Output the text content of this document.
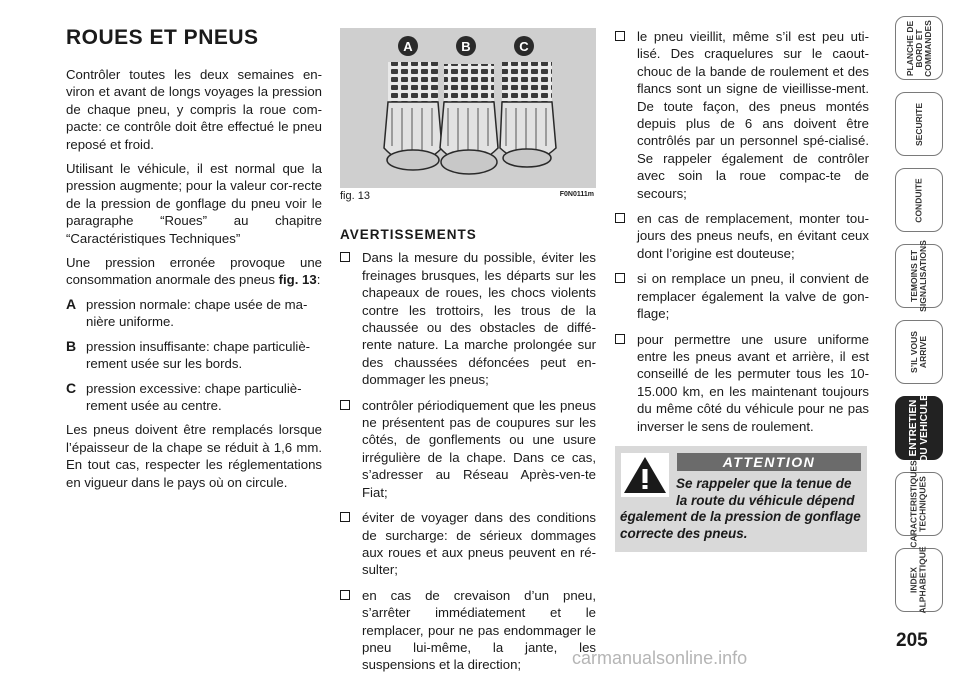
ROUES ET PNEUS

Contrôler toutes les deux semaines en-viron et avant de longs voyages la pression de chaque pneu, y compris la roue com-pacte: ce contrôle doit être effectué le pneu reposé et froid.

Utilisant le véhicule, il est normal que la pression augmente; pour la valeur cor-recte de la pression de gonflage du pneu voir le paragraphe “Roues” au chapitre “Caractéristiques Techniques”

Une pression erronée provoque une consommation anormale des pneus fig. 13:

A pression normale: chape usée de ma-nière uniforme.
B pression insuffisante: chape particuliè-rement usée sur les bords.
C pression excessive: chape particuliè-rement usée au centre.

Les pneus doivent être remplacés lorsque l’épaisseur de la chape se réduit à 1,6 mm. En tout cas, respecter les réglementations en vigueur dans le pays où on circule.

A	B	C
fig. 13	F0N0111m
AVERTISSEMENTS
Dans la mesure du possible, éviter les freinages brusques, les départs sur les chapeaux de roues, les chocs violents contre les trottoirs, les trous de la chaussée ou des obstacles de diffé-rente nature. La marche prolongée sur des chaussées défoncées peut en-dommager les pneus;
contrôler périodiquement que les pneus ne présentent pas de coupures sur les côtés, de gonflements ou une usure irrégulière de la chape. Dans ce cas, s’adresser au Réseau Après-ven-te Fiat;
éviter de voyager dans des conditions de surcharge: de sérieux dommages aux roues et aux pneus peuvent en ré-sulter;
en cas de crevaison d’un pneu, s’arrêter immédiatement et le remplacer, pour ne pas endommager le pneu lui-même, la jante, les suspensions et la direction;
le pneu vieillit, même s’il est peu uti-lisé. Des craquelures sur le caout-chouc de la bande de roulement et des flancs sont un signe de vieillisse-ment. De toute façon, des pneus montés depuis plus de 6 ans doivent être contrôlés par un personnel spé-cialisé. Se rappeler également de contrôler avec soin la roue compac-te de secours;
en cas de remplacement, monter tou-jours des pneus neufs, en évitant ceux dont l’origine est douteuse;
si on remplace un pneu, il convient de remplacer également la valve de gon-flage;
pour permettre une usure uniforme entre les pneus avant et arrière, il est conseillé de les permuter tous les 10-15.000 km, en les maintenant toujours du même côté du véhicule pour ne pas inverser le sens de roulement.
ATTENTION
Se rappeler que la tenue de
la route du véhicule dépend
également de la pression de gonflage correcte des pneus.
PLANCHE DE
BORD ET
COMMANDES
SECURITE
CONDUITE
TEMOINS ET
SIGNALISATIONS
S’IL VOUS
ARRIVE
ENTRETIEN
DU VEHICULE
CARACTERISTIQUES
TECHNIQUES
INDEX
ALPHABETIQUE
205
carmanualsonline.info
